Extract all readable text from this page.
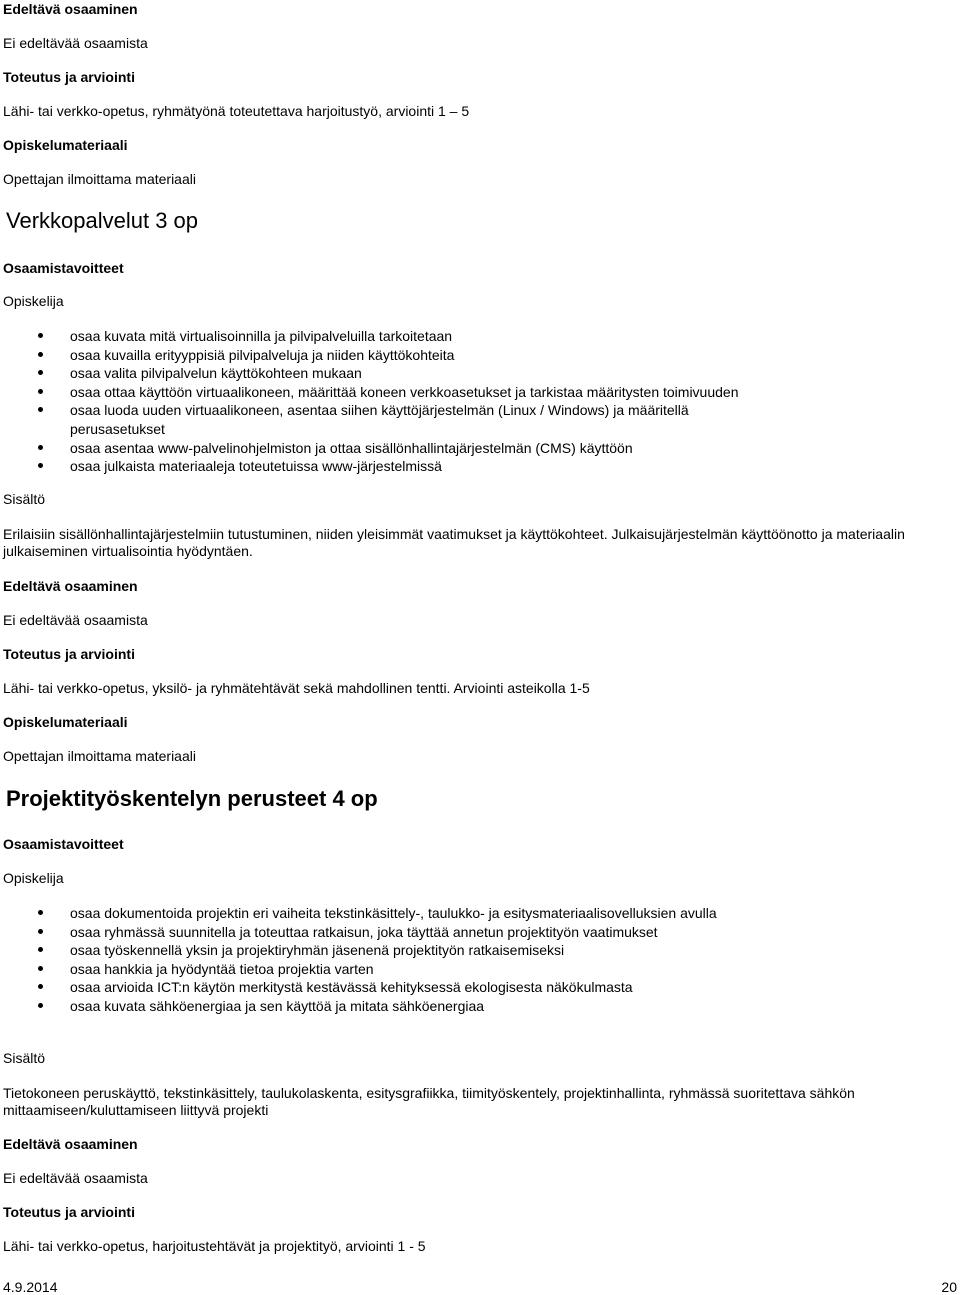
Edeltävä osaaminen
Ei edeltävää osaamista
Toteutus ja arviointi
Lähi- tai verkko-opetus, ryhmätyönä toteutettava harjoitustyö, arviointi 1 – 5
Opiskelumateriaali
Opettajan ilmoittama materiaali
Verkkopalvelut 3 op
Osaamistavoitteet
Opiskelija
osaa kuvata mitä virtualisoinnilla ja pilvipalveluilla tarkoitetaan
osaa kuvailla erityyppisiä pilvipalveluja ja niiden käyttökohteita
osaa valita pilvipalvelun käyttökohteen mukaan
osaa ottaa käyttöön virtuaalikoneen, määrittää koneen verkkoasetukset ja tarkistaa määritysten toimivuuden
osaa luoda uuden virtuaalikoneen, asentaa siihen käyttöjärjestelmän (Linux / Windows) ja määritellä perusasetukset
osaa asentaa www-palvelinohjelmiston ja ottaa sisällönhallintajärjestelmän (CMS) käyttöön
osaa julkaista materiaaleja toteutetuissa www-järjestelmissä
Sisältö
Erilaisiin sisällönhallintajärjestelmiin tutustuminen, niiden yleisimmät vaatimukset ja käyttökohteet. Julkaisujärjestelmän käyttöönotto ja materiaalin julkaiseminen virtualisointia hyödyntäen.
Edeltävä osaaminen
Ei edeltävää osaamista
Toteutus ja arviointi
Lähi- tai verkko-opetus, yksilö- ja ryhmätehtävät sekä mahdollinen tentti. Arviointi asteikolla 1-5
Opiskelumateriaali
Opettajan ilmoittama materiaali
Projektityöskentelyn perusteet 4 op
Osaamistavoitteet
Opiskelija
osaa dokumentoida projektin eri vaiheita tekstinkäsittely-, taulukko- ja esitysmateriaalisovelluksien avulla
osaa ryhmässä suunnitella ja toteuttaa ratkaisun, joka täyttää annetun projektityön vaatimukset
osaa työskennellä yksin ja projektiryhmän jäsenenä projektityön ratkaisemiseksi
osaa hankkia ja hyödyntää tietoa projektia varten
osaa arvioida ICT:n käytön merkitystä kestävässä kehityksessä ekologisesta näkökulmasta
osaa kuvata sähköenergiaa ja sen käyttöä ja mitata sähköenergiaa
Sisältö
Tietokoneen peruskäyttö, tekstinkäsittely, taulukolaskenta, esitysgrafiikka, tiimityöskentely, projektinhallinta, ryhmässä suoritettava sähkön mittaamiseen/kuluttamiseen liittyvä projekti
Edeltävä osaaminen
Ei edeltävää osaamista
Toteutus ja arviointi
Lähi- tai verkko-opetus, harjoitustehtävät ja projektityö, arviointi 1 - 5
4.9.2014	20
